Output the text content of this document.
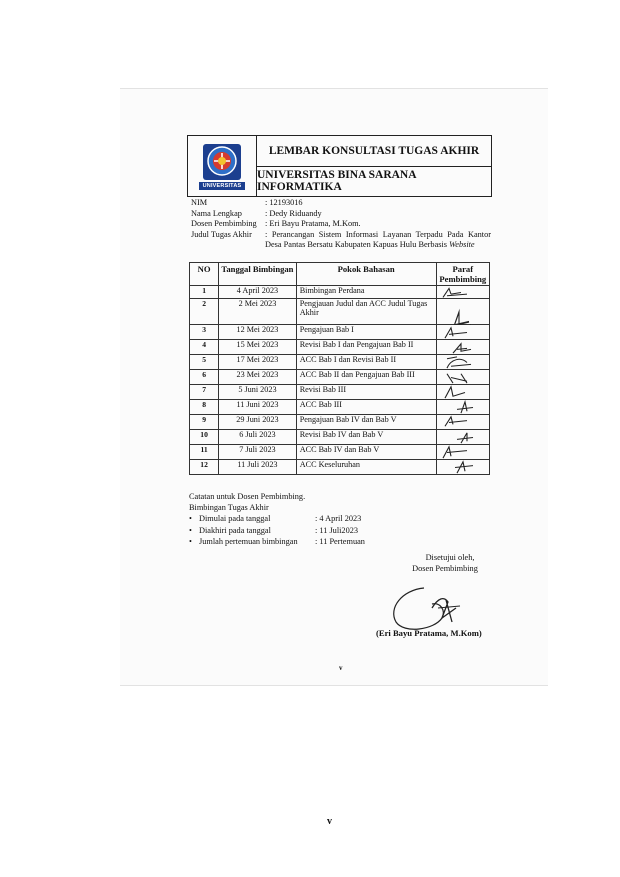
UNIVERSITAS
LEMBAR KONSULTASI TUGAS AKHIR
UNIVERSITAS BINA SARANA INFORMATIKA
NIM	: 12193016
Nama Lengkap	: Dedy Riduandy
Dosen Pembimbing	: Eri Bayu Pratama, M.Kom.
Judul Tugas Akhir	: Perancangan Sistem Informasi Layanan Terpadu Pada Kantor Desa Pantas Bersatu Kabupaten Kapuas Hulu Berbasis Website
NO	Tanggal Bimbingan	Pokok Bahasan	Paraf Pembimbing
1	4 April 2023	Bimbingan Perdana	

2	2 Mei 2023	Pengjauan Judul dan ACC Judul Tugas Akhir	

3	12 Mei 2023	Pengajuan Bab I	

4	15 Mei 2023	Revisi Bab I dan Pengajuan Bab II	

5	17 Mei 2023	ACC Bab I dan Revisi Bab II	

6	23 Mei 2023	ACC Bab II dan Pengajuan Bab III	

7	5 Juni 2023	Revisi Bab III	

8	11 Juni 2023	ACC Bab III	

9	29 Juni 2023	Pengajuan Bab IV dan Bab V	

10	6 Juli 2023	Revisi Bab IV dan Bab V	

11	7 Juli 2023	ACC Bab IV dan Bab V	

12	11 Juli 2023	ACC Keseluruhan	
Catatan untuk Dosen Pembimbing.
Bimbingan Tugas Akhir
• Dimulai pada tanggal	: 4 April 2023
• Diakhiri pada tanggal	: 11 Juli2023
• Jumlah pertemuan bimbingan	: 11 Pertemuan
Disetujui oleh,
Dosen Pembimbing
(Eri Bayu Pratama, M.Kom)
v
v
